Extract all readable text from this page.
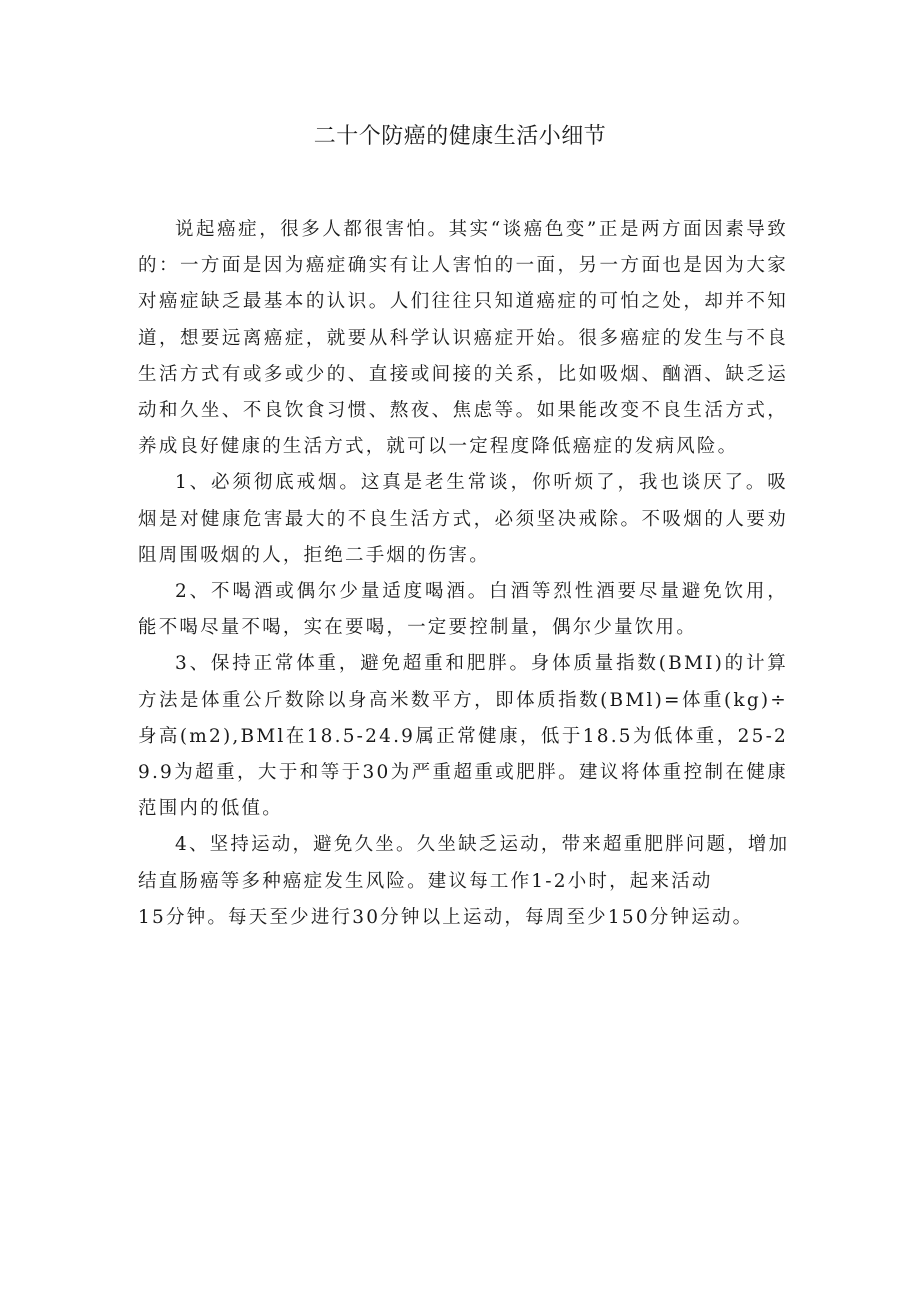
二十个防癌的健康生活小细节

说起癌症，很多人都很害怕。其实“谈癌色变”正是两方面因素导致的：一方面是因为癌症确实有让人害怕的一面，另一方面也是因为大家对癌症缺乏最基本的认识。人们往往只知道癌症的可怕之处，却并不知道，想要远离癌症，就要从科学认识癌症开始。很多癌症的发生与不良生活方式有或多或少的、直接或间接的关系，比如吸烟、酗酒、缺乏运动和久坐、不良饮食习惯、熬夜、焦虑等。如果能改变不良生活方式，养成良好健康的生活方式，就可以一定程度降低癌症的发病风险。

1、必须彻底戒烟。这真是老生常谈，你听烦了，我也谈厌了。吸烟是对健康危害最大的不良生活方式，必须坚决戒除。不吸烟的人要劝阻周围吸烟的人，拒绝二手烟的伤害。

2、不喝酒或偶尔少量适度喝酒。白酒等烈性酒要尽量避免饮用，能不喝尽量不喝，实在要喝，一定要控制量，偶尔少量饮用。

3、保持正常体重，避免超重和肥胖。身体质量指数(BMI)的计算方法是体重公斤数除以身高米数平方，即体质指数(BMl)=体重(kg)÷身高(m2),BMl在18.5-24.9属正常健康，低于18.5为低体重，25-29.9为超重，大于和等于30为严重超重或肥胖。建议将体重控制在健康范围内的低值。

4、坚持运动，避免久坐。久坐缺乏运动，带来超重肥胖问题，增加

结直肠癌等多种癌症发生风险。建议每工作1-2小时，起来活动

15分钟。每天至少进行30分钟以上运动，每周至少150分钟运动。
